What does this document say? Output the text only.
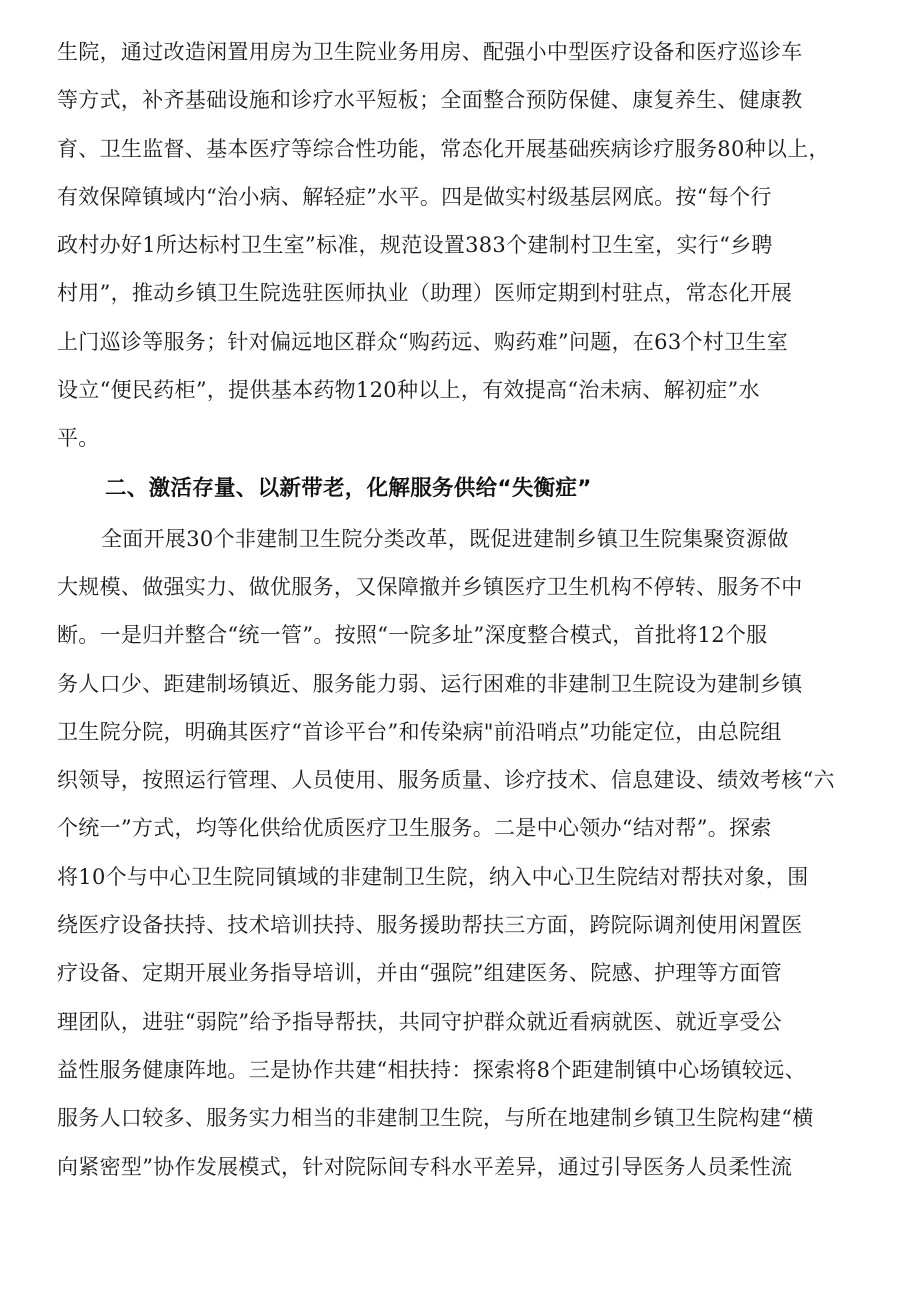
生院，通过改造闲置用房为卫生院业务用房、配强小中型医疗设备和医疗巡诊车
等方式，补齐基础设施和诊疗水平短板；全面整合预防保健、康复养生、健康教
育、卫生监督、基本医疗等综合性功能，常态化开展基础疾病诊疗服务80种以上，
有效保障镇域内“治小病、解轻症”水平。四是做实村级基层网底。按“每个行
政村办好1所达标村卫生室”标准，规范设置383个建制村卫生室，实行“乡聘
村用”，推动乡镇卫生院选驻医师执业（助理）医师定期到村驻点，常态化开展
上门巡诊等服务；针对偏远地区群众“购药远、购药难”问题，在63个村卫生室
设立“便民药柜”，提供基本药物120种以上，有效提高“治未病、解初症”水
平。
二、激活存量、以新带老，化解服务供给“失衡症”
全面开展30个非建制卫生院分类改革，既促进建制乡镇卫生院集聚资源做
大规模、做强实力、做优服务，又保障撤并乡镇医疗卫生机构不停转、服务不中
断。一是归并整合“统一管”。按照“一院多址”深度整合模式，首批将12个服
务人口少、距建制场镇近、服务能力弱、运行困难的非建制卫生院设为建制乡镇
卫生院分院，明确其医疗“首诊平台”和传染病"前沿哨点”功能定位，由总院组
织领导，按照运行管理、人员使用、服务质量、诊疗技术、信息建设、绩效考核“六
个统一”方式，均等化供给优质医疗卫生服务。二是中心领办“结对帮”。探索
将10个与中心卫生院同镇域的非建制卫生院，纳入中心卫生院结对帮扶对象，围
绕医疗设备扶持、技术培训扶持、服务援助帮扶三方面，跨院际调剂使用闲置医
疗设备、定期开展业务指导培训，并由“强院”组建医务、院感、护理等方面管
理团队，进驻“弱院”给予指导帮扶，共同守护群众就近看病就医、就近享受公
益性服务健康阵地。三是协作共建“相扶持：探索将8个距建制镇中心场镇较远、
服务人口较多、服务实力相当的非建制卫生院，与所在地建制乡镇卫生院构建“横
向紧密型”协作发展模式，针对院际间专科水平差异，通过引导医务人员柔性流
